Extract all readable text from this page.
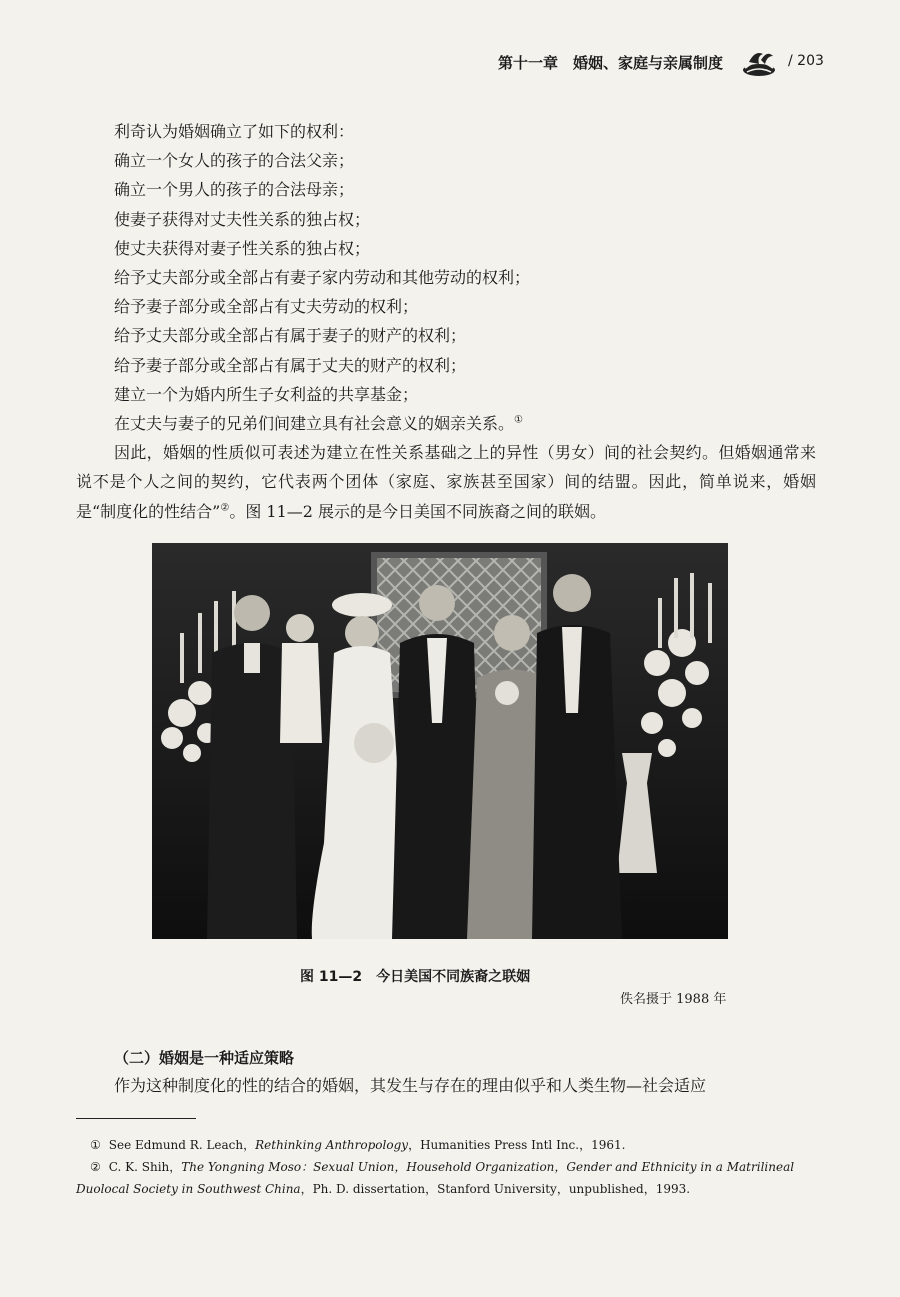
第十一章　婚姻、家庭与亲属制度	/ 203
利奇认为婚姻确立了如下的权利：
确立一个女人的孩子的合法父亲；
确立一个男人的孩子的合法母亲；
使妻子获得对丈夫性关系的独占权；
使丈夫获得对妻子性关系的独占权；
给予丈夫部分或全部占有妻子家内劳动和其他劳动的权利；
给予妻子部分或全部占有丈夫劳动的权利；
给予丈夫部分或全部占有属于妻子的财产的权利；
给予妻子部分或全部占有属于丈夫的财产的权利；
建立一个为婚内所生子女利益的共享基金；
在丈夫与妻子的兄弟们间建立具有社会意义的姻亲关系。①
因此，婚姻的性质似可表述为建立在性关系基础之上的异性（男女）间的社会契约。但婚姻通常来说不是个人之间的契约，它代表两个团体（家庭、家族甚至国家）间的结盟。因此，简单说来，婚姻是“制度化的性结合”②。图 11—2 展示的是今日美国不同族裔之间的联姻。
图 11—2　今日美国不同族裔之联姻
佚名摄于 1988 年
（二）婚姻是一种适应策略
作为这种制度化的性的结合的婚姻，其发生与存在的理由似乎和人类生物—社会适应
① See Edmund R. Leach，Rethinking Anthropology，Humanities Press Intl Inc.，1961.
② C. K. Shih，The Yongning Moso：Sexual Union，Household Organization，Gender and Ethnicity in a Matrilineal Duolocal Society in Southwest China，Ph. D. dissertation，Stanford University，unpublished，1993.
